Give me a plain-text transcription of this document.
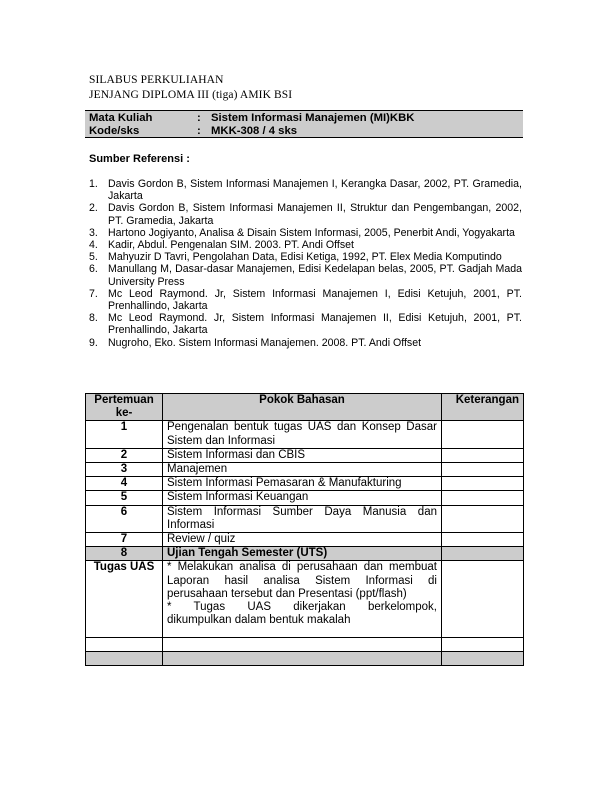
SILABUS PERKULIAHAN
JENJANG DIPLOMA III (tiga) AMIK BSI
Mata Kuliah	: Sistem Informasi Manajemen (MI)KBK
Kode/sks	: MKK-308 / 4 sks
Sumber Referensi :
1. Davis Gordon B, Sistem Informasi Manajemen I, Kerangka Dasar, 2002, PT. Gramedia, Jakarta
2. Davis Gordon B, Sistem Informasi Manajemen II, Struktur dan Pengembangan, 2002, PT. Gramedia, Jakarta
3. Hartono Jogiyanto, Analisa & Disain Sistem Informasi, 2005, Penerbit Andi, Yogyakarta
4. Kadir, Abdul. Pengenalan SIM. 2003. PT. Andi Offset
5. Mahyuzir D Tavri, Pengolahan Data, Edisi Ketiga, 1992, PT. Elex Media Komputindo
6. Manullang M, Dasar-dasar Manajemen, Edisi Kedelapan belas, 2005, PT. Gadjah Mada University Press
7. Mc Leod Raymond. Jr, Sistem Informasi Manajemen I, Edisi Ketujuh, 2001, PT. Prenhallindo, Jakarta
8. Mc Leod Raymond. Jr, Sistem Informasi Manajemen II, Edisi Ketujuh, 2001, PT. Prenhallindo, Jakarta
9. Nugroho, Eko. Sistem Informasi Manajemen. 2008. PT. Andi Offset
Pertemuan ke-	Pokok Bahasan	Keterangan
1	Pengenalan bentuk tugas UAS dan Konsep Dasar Sistem dan Informasi	
2	Sistem Informasi dan CBIS	
3	Manajemen	
4	Sistem Informasi Pemasaran & Manufakturing	
5	Sistem Informasi Keuangan	
6	Sistem Informasi Sumber Daya Manusia dan Informasi	
7	Review / quiz	
8	Ujian Tengah Semester (UTS)	
Tugas UAS	* Melakukan analisa di perusahaan dan membuat Laporan hasil analisa Sistem Informasi di perusahaan tersebut dan Presentasi (ppt/flash)
*    Tugas    UAS    dikerjakan    berkelompok, dikumpulkan dalam bentuk makalah	
